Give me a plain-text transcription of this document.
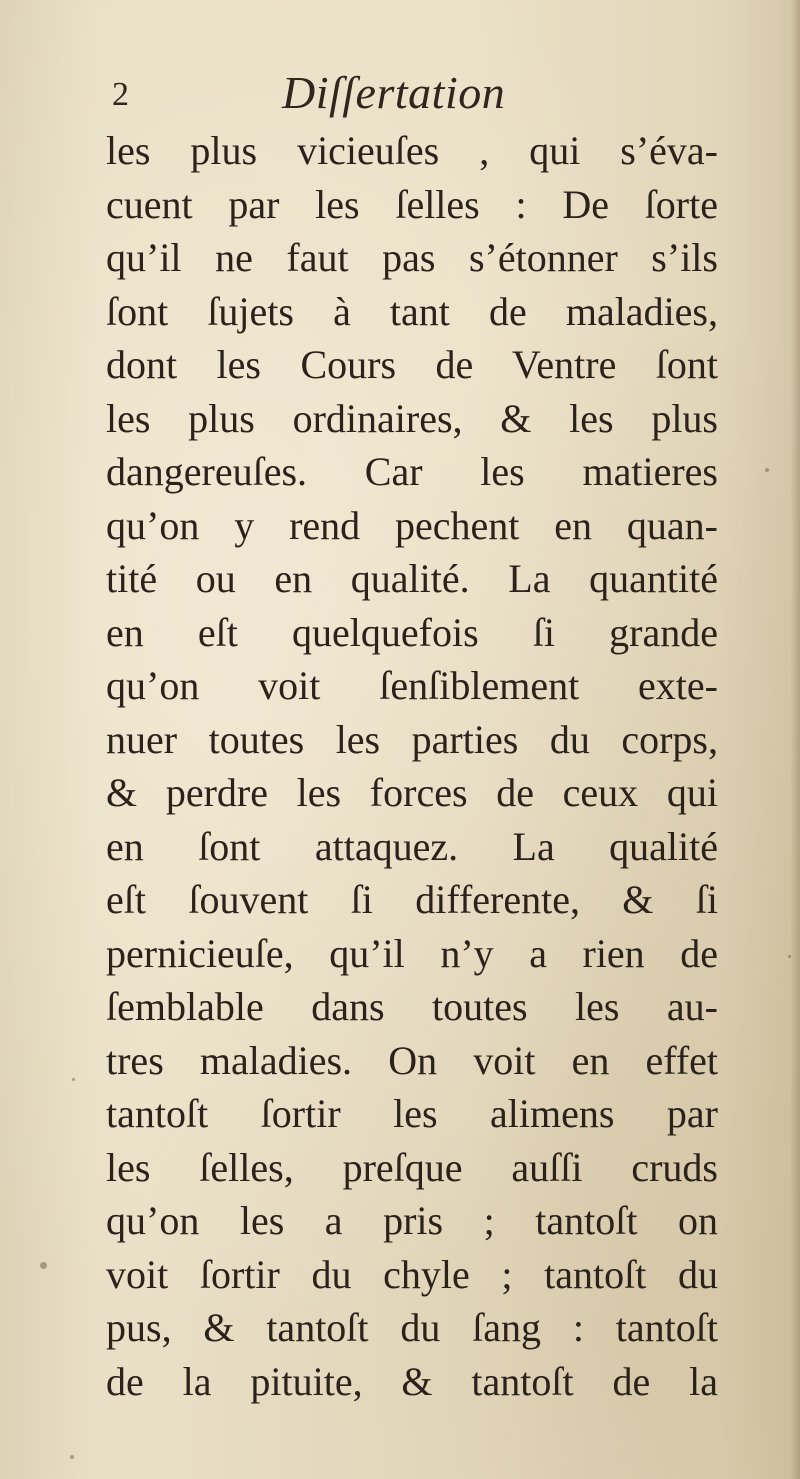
2	Diſſertation
les plus vicieuſes , qui s’éva-
cuent par les ſelles : De ſorte
qu’il ne faut pas s’étonner s’ils
ſont ſujets à tant de maladies,
dont les Cours de Ventre ſont
les plus ordinaires, & les plus
dangereuſes. Car les matieres
qu’on y rend pechent en quan-
tité ou en qualité. La quantité
en eſt quelquefois ſi grande
qu’on voit ſenſiblement exte-
nuer toutes les parties du corps,
& perdre les forces de ceux qui
en ſont attaquez. La qualité
eſt ſouvent ſi differente, & ſi
pernicieuſe, qu’il n’y a rien de
ſemblable dans toutes les au-
tres maladies. On voit en effet
tantoſt ſortir les alimens par
les ſelles, preſque auſſi cruds
qu’on les a pris ; tantoſt on
voit ſortir du chyle ; tantoſt du
pus, & tantoſt du ſang : tantoſt
de la pituite, & tantoſt de la
